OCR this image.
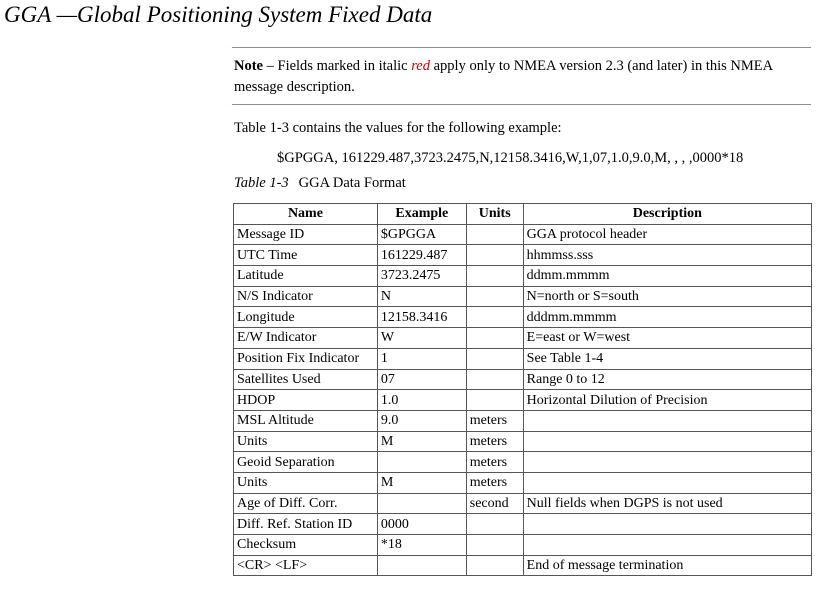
GGA —Global Positioning System Fixed Data
Note – Fields marked in italic red apply only to NMEA version 2.3 (and later) in this NMEA message description.
Table 1-3 contains the values for the following example:
$GPGGA, 161229.487,3723.2475,N,12158.3416,W,1,07,1.0,9.0,M, , , ,0000*18
Table 1-3 GGA Data Format
Name	Example	Units	Description
Message ID	$GPGGA		GGA protocol header
UTC Time	161229.487		hhmmss.sss
Latitude	3723.2475		ddmm.mmmm
N/S Indicator	N		N=north or S=south
Longitude	12158.3416		dddmm.mmmm
E/W Indicator	W		E=east or W=west
Position Fix Indicator	1		See Table 1-4
Satellites Used	07		Range 0 to 12
HDOP	1.0		Horizontal Dilution of Precision
MSL Altitude	9.0	meters	
Units	M	meters	
Geoid Separation		meters	
Units	M	meters	
Age of Diff. Corr.		second	Null fields when DGPS is not used
Diff. Ref. Station ID	0000		
Checksum	*18		
<CR> <LF>			End of message termination
